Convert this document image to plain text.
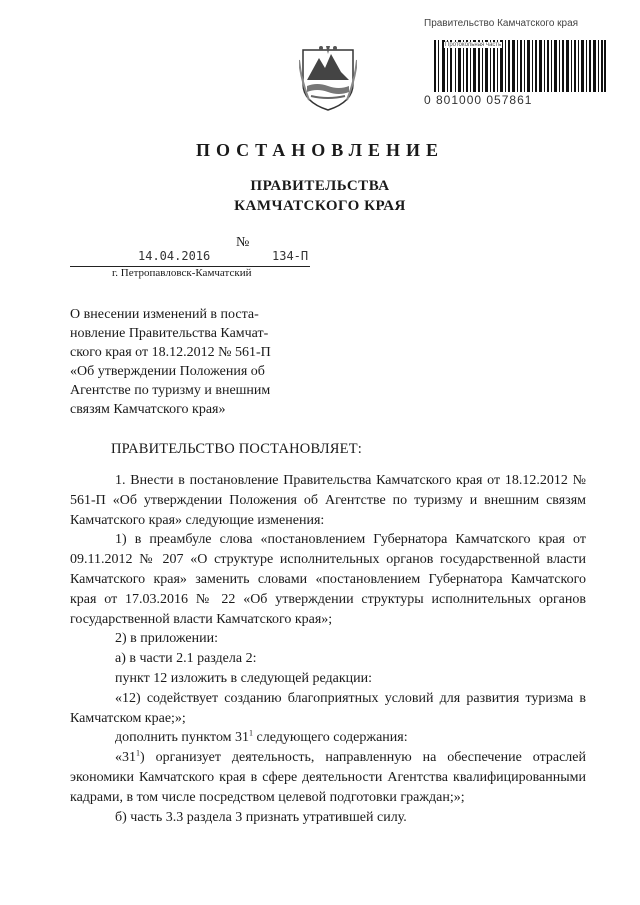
Правительство Камчатского края
Протокольная часть
0 801000 057861
ПОСТАНОВЛЕНИЕ
ПРАВИТЕЛЬСТВА
КАМЧАТСКОГО КРАЯ
№
14.04.2016	134-П
г. Петропавловск-Камчатский

О внесении изменений в поста-

новление Правительства Камчат-

ского края от 18.12.2012 № 561-П

«Об утверждении Положения об

Агентстве по туризму и внешним

связям Камчатского края»

ПРАВИТЕЛЬСТВО ПОСТАНОВЛЯЕТ:

1. Внести в постановление Правительства Камчатского края от 18.12.2012 № 561-П «Об утверждении Положения об Агентстве по туризму и внешним связям Камчатского края» следующие изменения:

1) в преамбуле слова «постановлением Губернатора Камчатского края от 09.11.2012 № 207 «О структуре исполнительных органов государственной власти Камчатского края» заменить словами «постановлением Губернатора Камчатского края от 17.03.2016 № 22 «Об утверждении структуры исполнительных органов государственной власти Камчатского края»;

2) в приложении:

а) в части 2.1 раздела 2:

пункт 12 изложить в следующей редакции:

«12) содействует созданию благоприятных условий для развития туризма в Камчатском крае;»;

дополнить пунктом $31^1$ следующего содержания:

«$31^1$) организует деятельность, направленную на обеспечение отраслей экономики Камчатского края в сфере деятельности Агентства квалифицированными кадрами, в том числе посредством целевой подготовки граждан;»;

б) часть 3.3 раздела 3 признать утратившей силу.
